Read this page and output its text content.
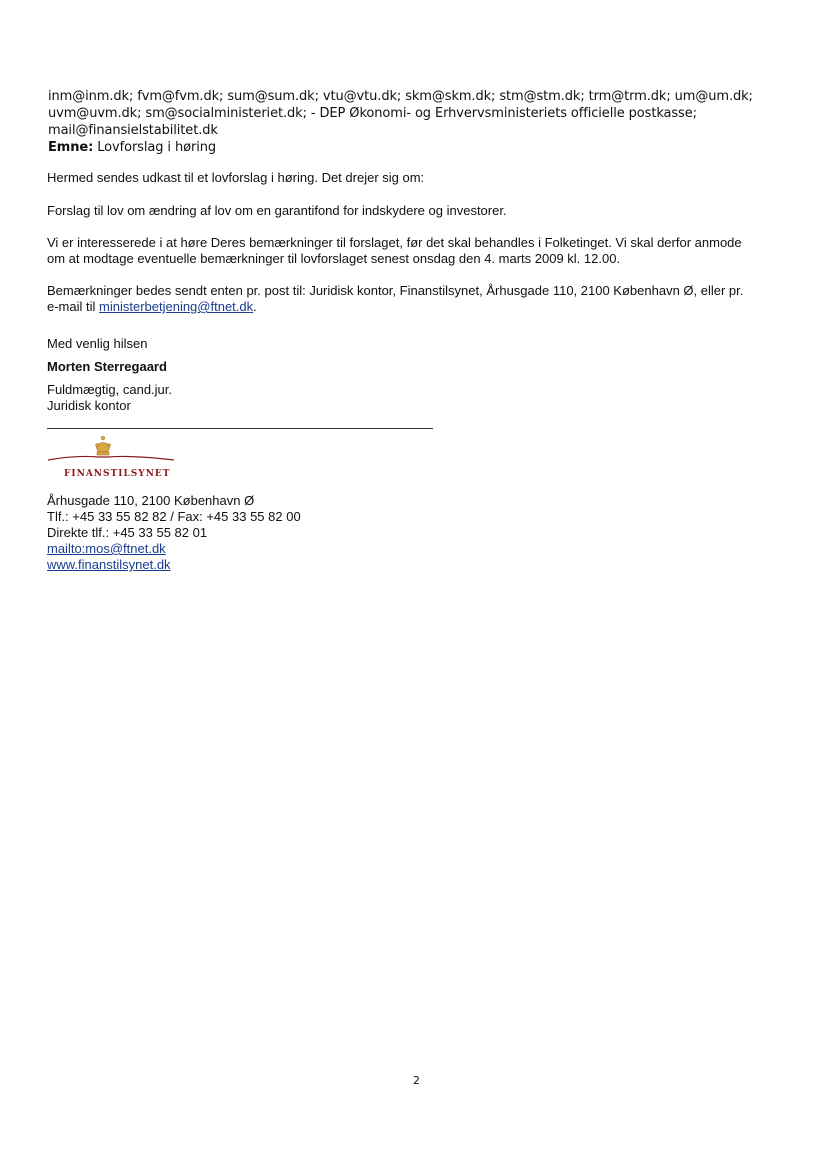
inm@inm.dk; fvm@fvm.dk; sum@sum.dk; vtu@vtu.dk; skm@skm.dk; stm@stm.dk; trm@trm.dk; um@um.dk;
uvm@uvm.dk; sm@socialministeriet.dk; - DEP Økonomi- og Erhvervsministeriets officielle postkasse;
mail@finansielstabilitet.dk
Emne: Lovforslag i høring

Hermed sendes udkast til et lovforslag i høring. Det drejer sig om:

Forslag til lov om ændring af lov om en garantifond for indskydere og investorer.

Vi er interesserede i at høre Deres bemærkninger til forslaget, før det skal behandles i Folketinget. Vi skal derfor anmode
om at modtage eventuelle bemærkninger til lovforslaget senest onsdag den 4. marts 2009 kl. 12.00.
Bemærkninger bedes sendt enten pr. post til: Juridisk kontor, Finanstilsynet, Århusgade 110, 2100 København Ø, eller pr.
e-mail til ministerbetjening@ftnet.dk.

Med venlig hilsen

Morten Sterregaard

Fuldmægtig, cand.jur.
Juridisk kontor
FINANSTILSYNET
Århusgade 110, 2100 København Ø
Tlf.: +45 33 55 82 82 / Fax: +45 33 55 82 00
Direkte tlf.: +45 33 55 82 01
mailto:mos@ftnet.dk
www.finanstilsynet.dk
2
